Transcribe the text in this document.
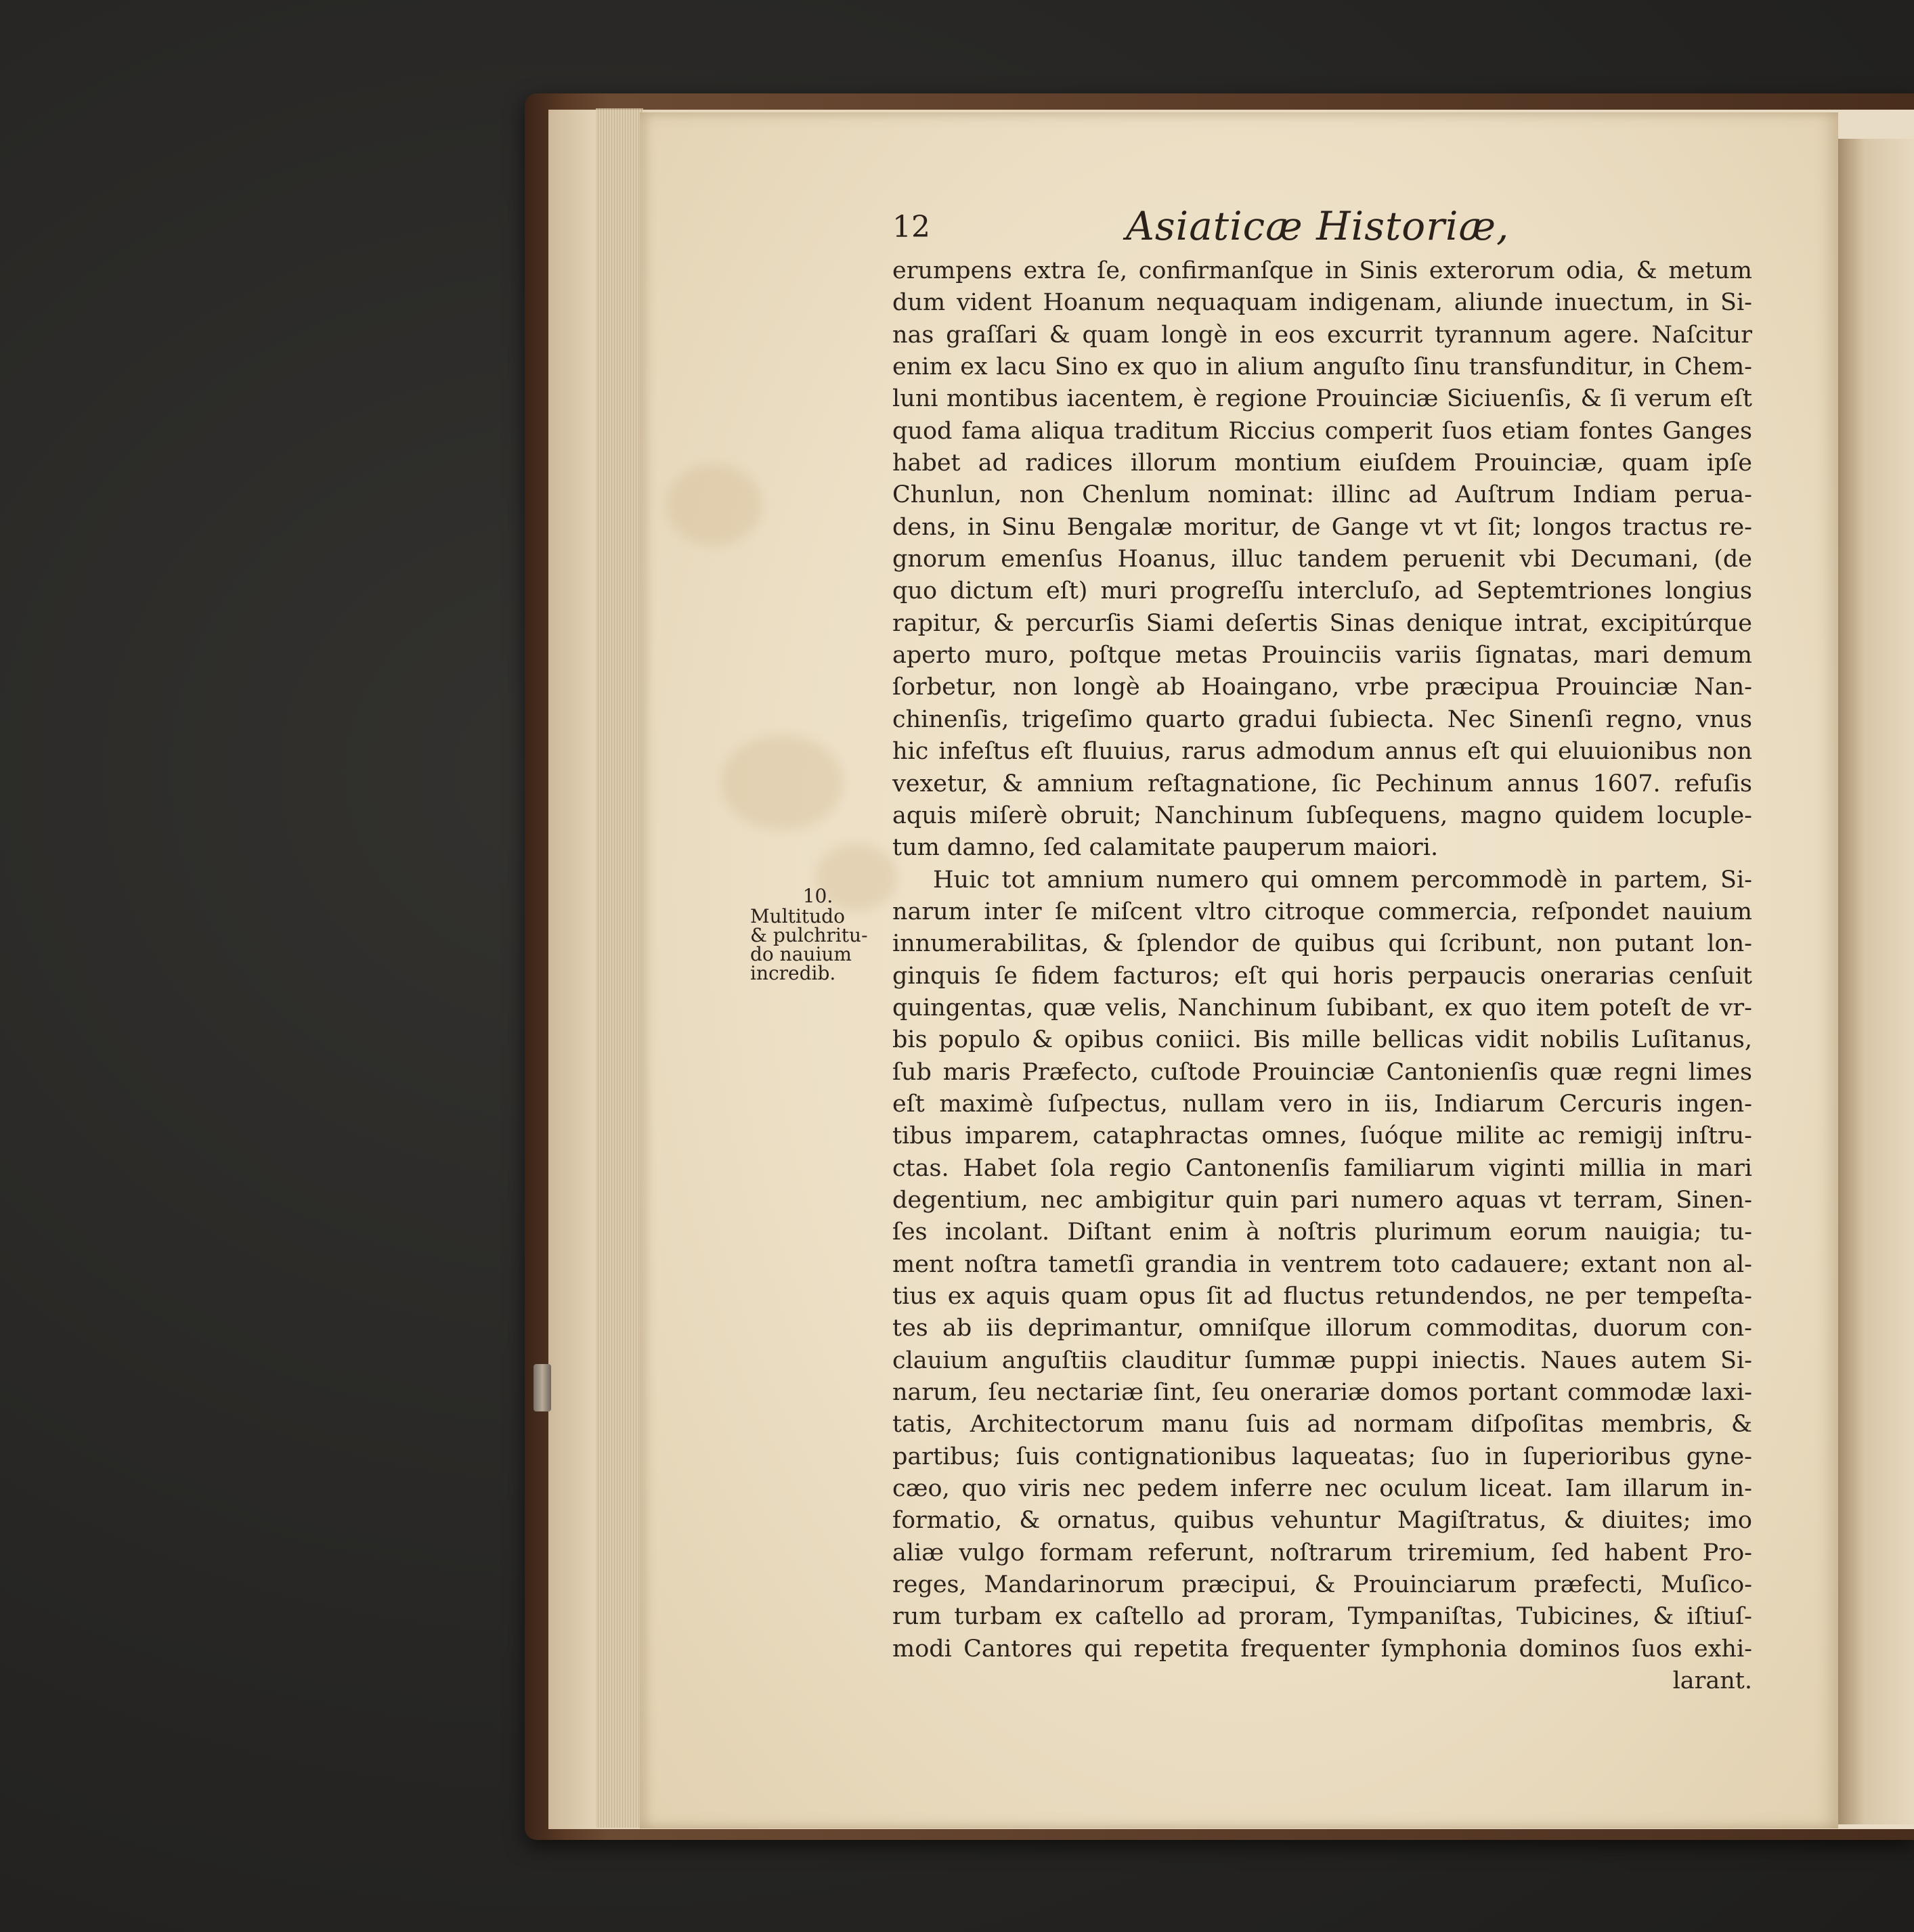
12	Asiaticæ Historiæ,
10.
Multitudo
& pulchritu-
do nauium
incredib.
erumpens extra ſe, confirmanſque in Sinis exterorum odia, & metum
dum vident Hoanum nequaquam indigenam, aliunde inuectum, in Si-
nas graſſari & quam longè in eos excurrit tyrannum agere. Naſcitur
enim ex lacu Sino ex quo in alium anguſto ſinu transfunditur, in Chem-
luni montibus iacentem, è regione Prouinciæ Siciuenſis, & ſi verum eſt
quod fama aliqua traditum Riccius comperit ſuos etiam fontes Ganges
habet ad radices illorum montium eiuſdem Prouinciæ, quam ipſe
Chunlun, non Chenlum nominat: illinc ad Auſtrum Indiam perua-
dens, in Sinu Bengalæ moritur, de Gange vt vt ſit; longos tractus re-
gnorum emenſus Hoanus, illuc tandem peruenit vbi Decumani, (de
quo dictum eſt) muri progreſſu intercluſo, ad Septemtriones longius
rapitur, & percurſis Siami deſertis Sinas denique intrat, excipitúrque
aperto muro, poſtque metas Prouinciis variis ſignatas, mari demum
ſorbetur, non longè ab Hoaingano, vrbe præcipua Prouinciæ Nan-
chinenſis, trigeſimo quarto gradui ſubiecta. Nec Sinenſi regno, vnus
hic infeſtus eſt fluuius, rarus admodum annus eſt qui eluuionibus non
vexetur, & amnium reſtagnatione, ſic Pechinum annus 1607. refuſis
aquis miſerè obruit; Nanchinum ſubſequens, magno quidem locuple-
tum damno, ſed calamitate pauperum maiori.
Huic tot amnium numero qui omnem percommodè in partem, Si-
narum inter ſe miſcent vltro citroque commercia, reſpondet nauium
innumerabilitas, & ſplendor de quibus qui ſcribunt, non putant lon-
ginquis ſe fidem facturos; eſt qui horis perpaucis onerarias cenſuit
quingentas, quæ velis, Nanchinum ſubibant, ex quo item poteſt de vr-
bis populo & opibus coniici. Bis mille bellicas vidit nobilis Luſitanus,
ſub maris Præfecto, cuſtode Prouinciæ Cantonienſis quæ regni limes
eſt maximè ſuſpectus, nullam vero in iis, Indiarum Cercuris ingen-
tibus imparem, cataphractas omnes, ſuóque milite ac remigij inſtru-
ctas. Habet ſola regio Cantonenſis familiarum viginti millia in mari
degentium, nec ambigitur quin pari numero aquas vt terram, Sinen-
ſes incolant. Diſtant enim à noſtris plurimum eorum nauigia; tu-
ment noſtra tametſi grandia in ventrem toto cadauere; extant non al-
tius ex aquis quam opus ſit ad fluctus retundendos, ne per tempeſta-
tes ab iis deprimantur, omniſque illorum commoditas, duorum con-
clauium anguſtiis clauditur ſummæ puppi iniectis. Naues autem Si-
narum, ſeu nectariæ ſint, ſeu onerariæ domos portant commodæ laxi-
tatis, Architectorum manu ſuis ad normam diſpoſitas membris, &
partibus; ſuis contignationibus laqueatas; ſuo in ſuperioribus gyne-
cæo, quo viris nec pedem inferre nec oculum liceat. Iam illarum in-
formatio, & ornatus, quibus vehuntur Magiſtratus, & diuites; imo
aliæ vulgo formam referunt, noſtrarum triremium, ſed habent Pro-
reges, Mandarinorum præcipui, & Prouinciarum præfecti, Muſico-
rum turbam ex caſtello ad proram, Tympaniſtas, Tubicines, & iſtiuſ-
modi Cantores qui repetita frequenter ſymphonia dominos ſuos exhi-
larant.
